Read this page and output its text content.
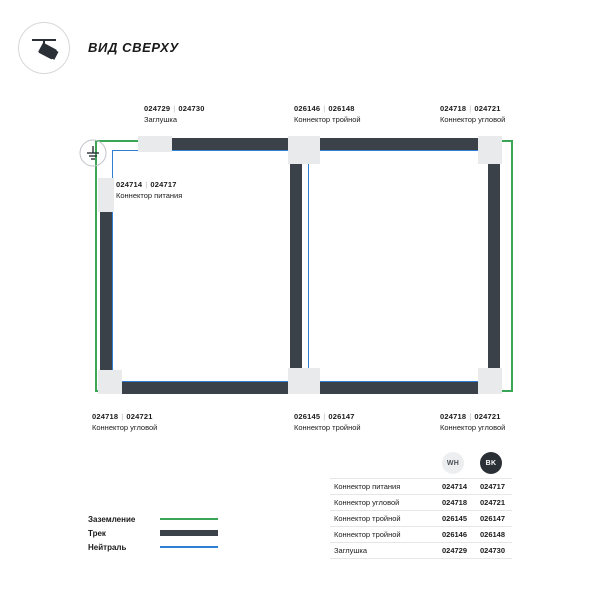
ВИД СВЕРХУ
024729 | 024730
Заглушка
026146 | 026148
Коннектор тройной
024718 | 024721
Коннектор угловой
024714 | 024717
Коннектор питания
024718 | 024721
Коннектор угловой
026145 | 026147
Коннектор тройной
024718 | 024721
Коннектор угловой
Заземление
Трек
Нейтраль
WH	BK
Коннектор питания	024714	024717
Коннектор угловой	024718	024721
Коннектор тройной	026145	026147
Коннектор тройной	026146	026148
Заглушка	024729	024730
